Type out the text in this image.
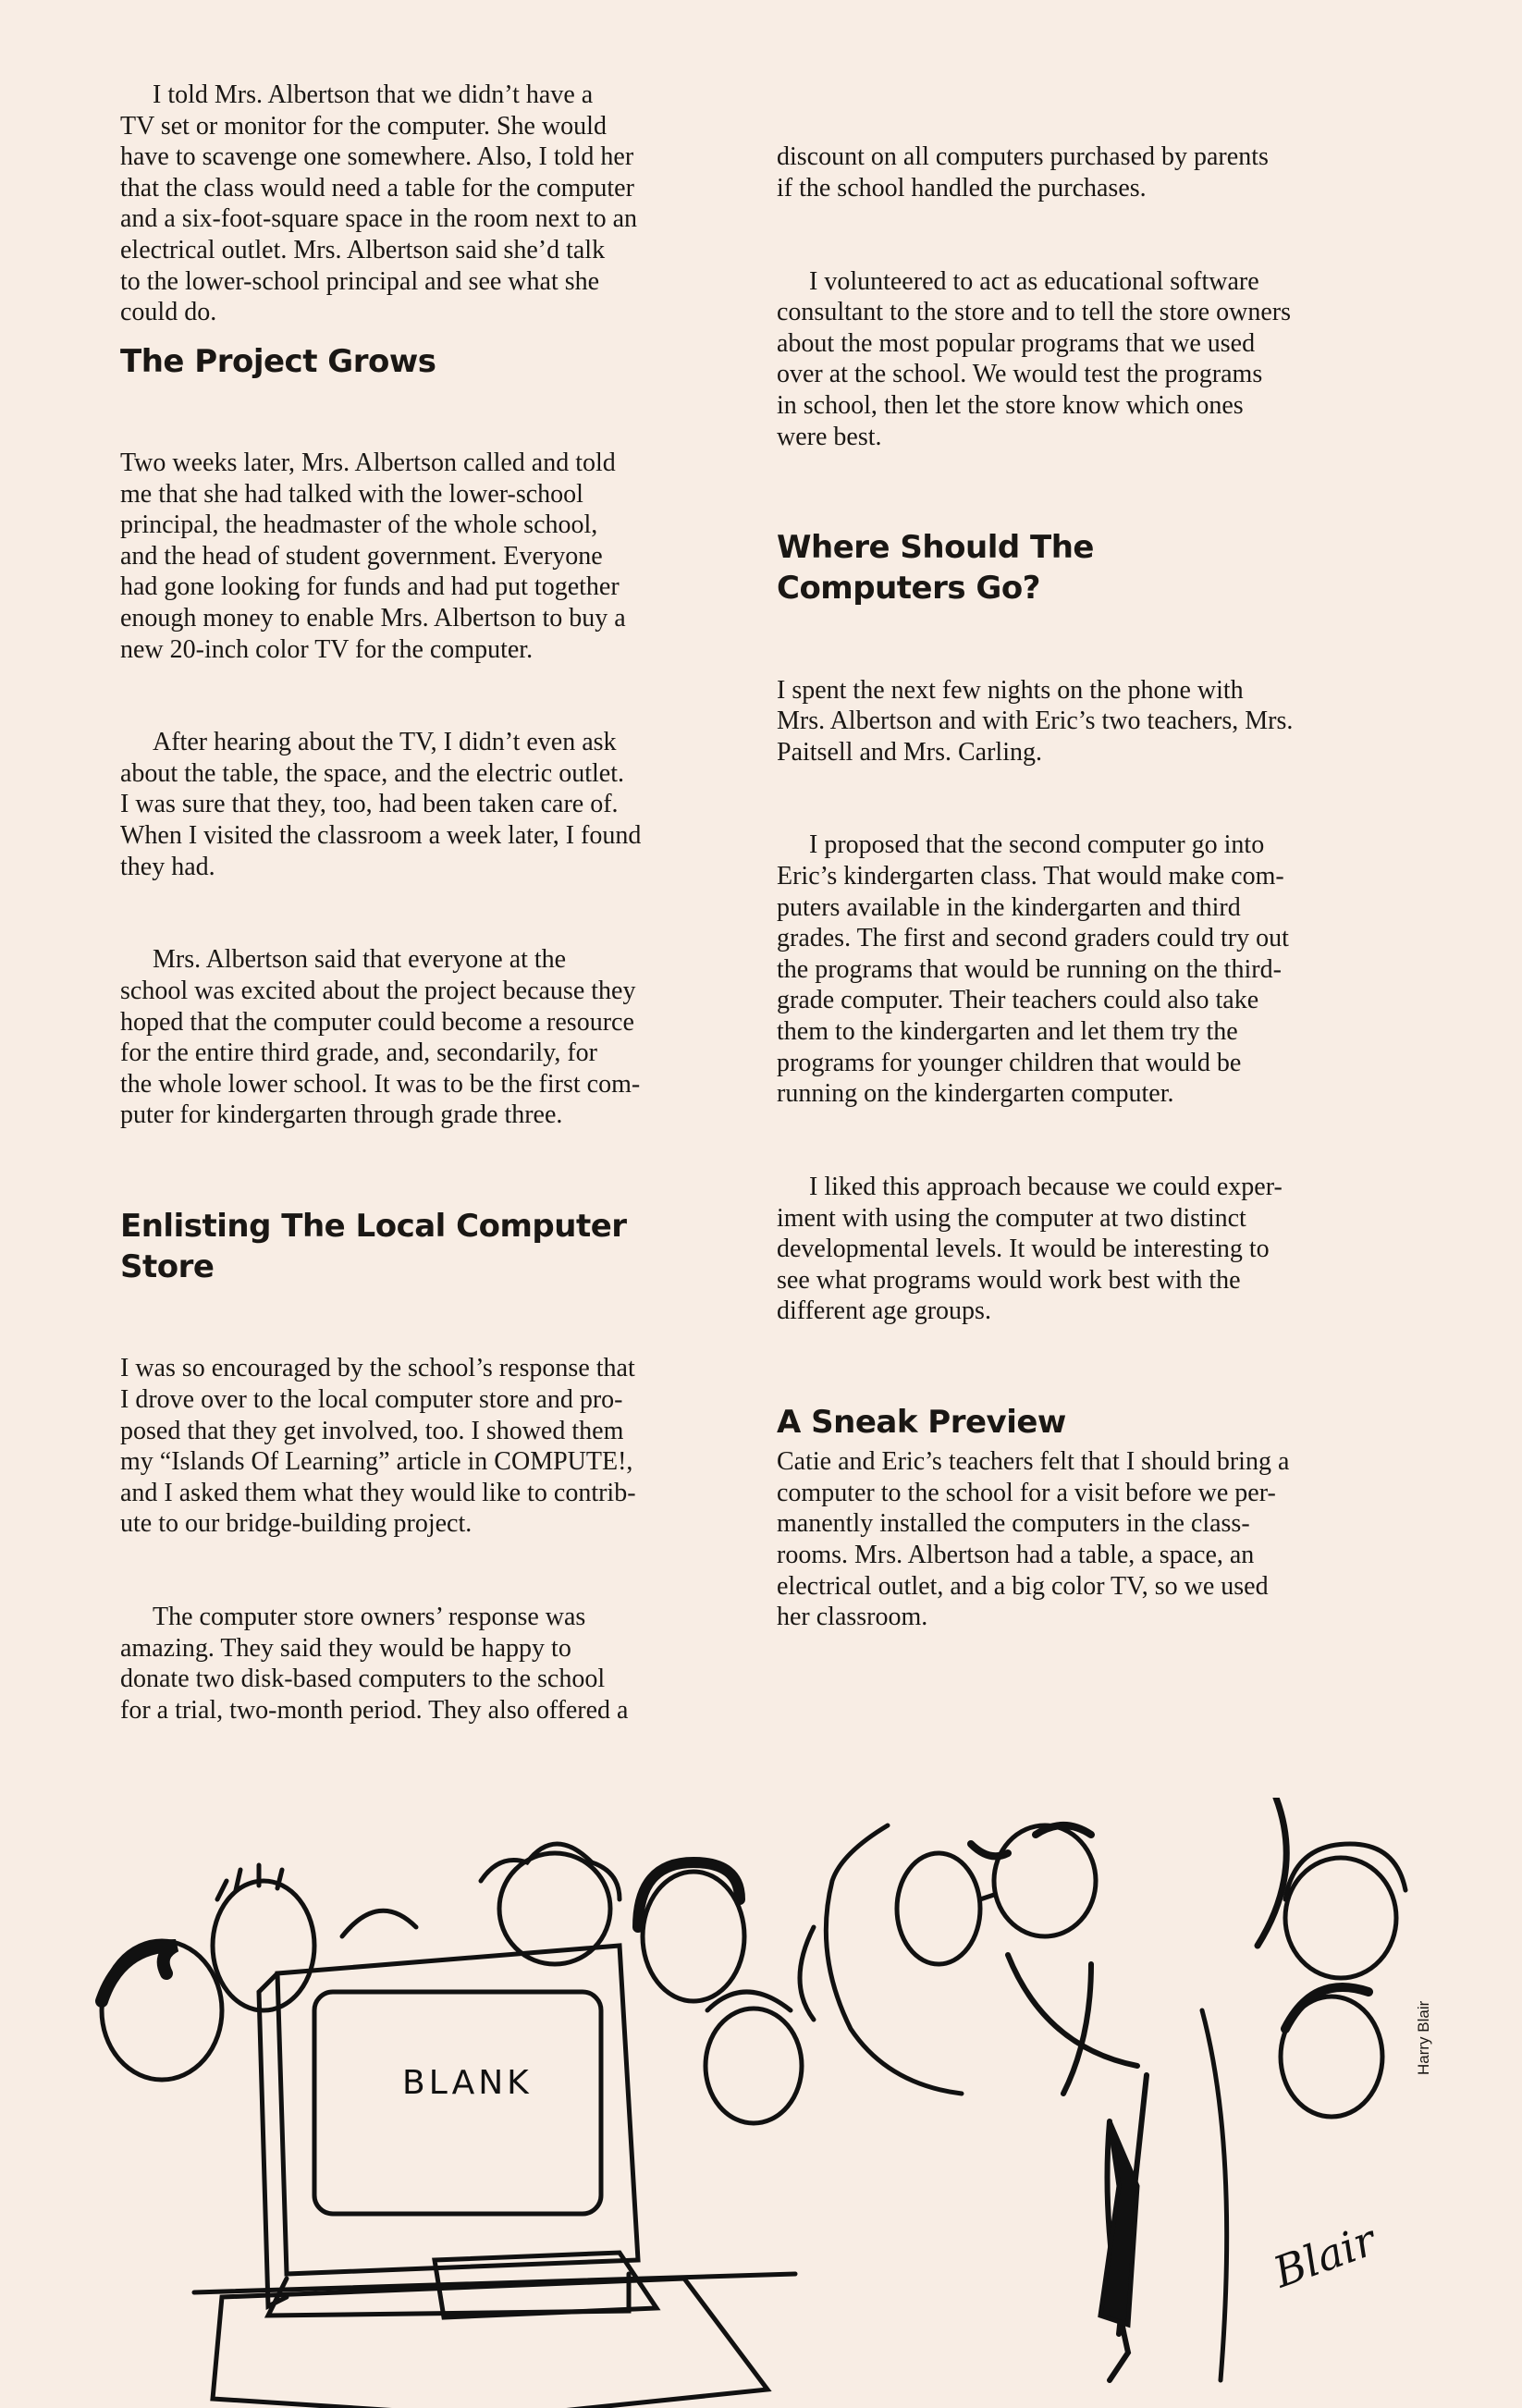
I told Mrs. Albertson that we didn’t have a
TV set or monitor for the computer. She would
have to scavenge one somewhere. Also, I told her
that the class would need a table for the computer
and a six-foot-square space in the room next to an
electrical outlet. Mrs. Albertson said she’d talk
to the lower-school principal and see what she
could do.
The Project Grows

Two weeks later, Mrs. Albertson called and told
me that she had talked with the lower-school
principal, the headmaster of the whole school,
and the head of student government. Everyone
had gone looking for funds and had put together
enough money to enable Mrs. Albertson to buy a
new 20-inch color TV for the computer.

After hearing about the TV, I didn’t even ask
about the table, the space, and the electric outlet.
I was sure that they, too, had been taken care of.
When I visited the classroom a week later, I found
they had.

Mrs. Albertson said that everyone at the
school was excited about the project because they
hoped that the computer could become a resource
for the entire third grade, and, secondarily, for
the whole lower school. It was to be the first com-
puter for kindergarten through grade three.

Enlisting The Local Computer
Store

I was so encouraged by the school’s response that
I drove over to the local computer store and pro-
posed that they get involved, too. I showed them
my “Islands Of Learning” article in COMPUTE!,
and I asked them what they would like to contrib-
ute to our bridge-building project.

The computer store owners’ response was
amazing. They said they would be happy to
donate two disk-based computers to the school
for a trial, two-month period. They also offered a

discount on all computers purchased by parents
if the school handled the purchases.

I volunteered to act as educational software
consultant to the store and to tell the store owners
about the most popular programs that we used
over at the school. We would test the programs
in school, then let the store know which ones
were best.

Where Should The
Computers Go?

I spent the next few nights on the phone with
Mrs. Albertson and with Eric’s two teachers, Mrs.
Paitsell and Mrs. Carling.

I proposed that the second computer go into
Eric’s kindergarten class. That would make com-
puters available in the kindergarten and third
grades. The first and second graders could try out
the programs that would be running on the third-
grade computer. Their teachers could also take
them to the kindergarten and let them try the
programs for younger children that would be
running on the kindergarten computer.

I liked this approach because we could exper-
iment with using the computer at two distinct
developmental levels. It would be interesting to
see what programs would work best with the
different age groups.

A Sneak Preview
Catie and Eric’s teachers felt that I should bring a
computer to the school for a visit before we per-
manently installed the computers in the class-
rooms. Mrs. Albertson had a table, a space, an
electrical outlet, and a big color TV, so we used
her classroom.
BLANK
Blair
Harry Blair
